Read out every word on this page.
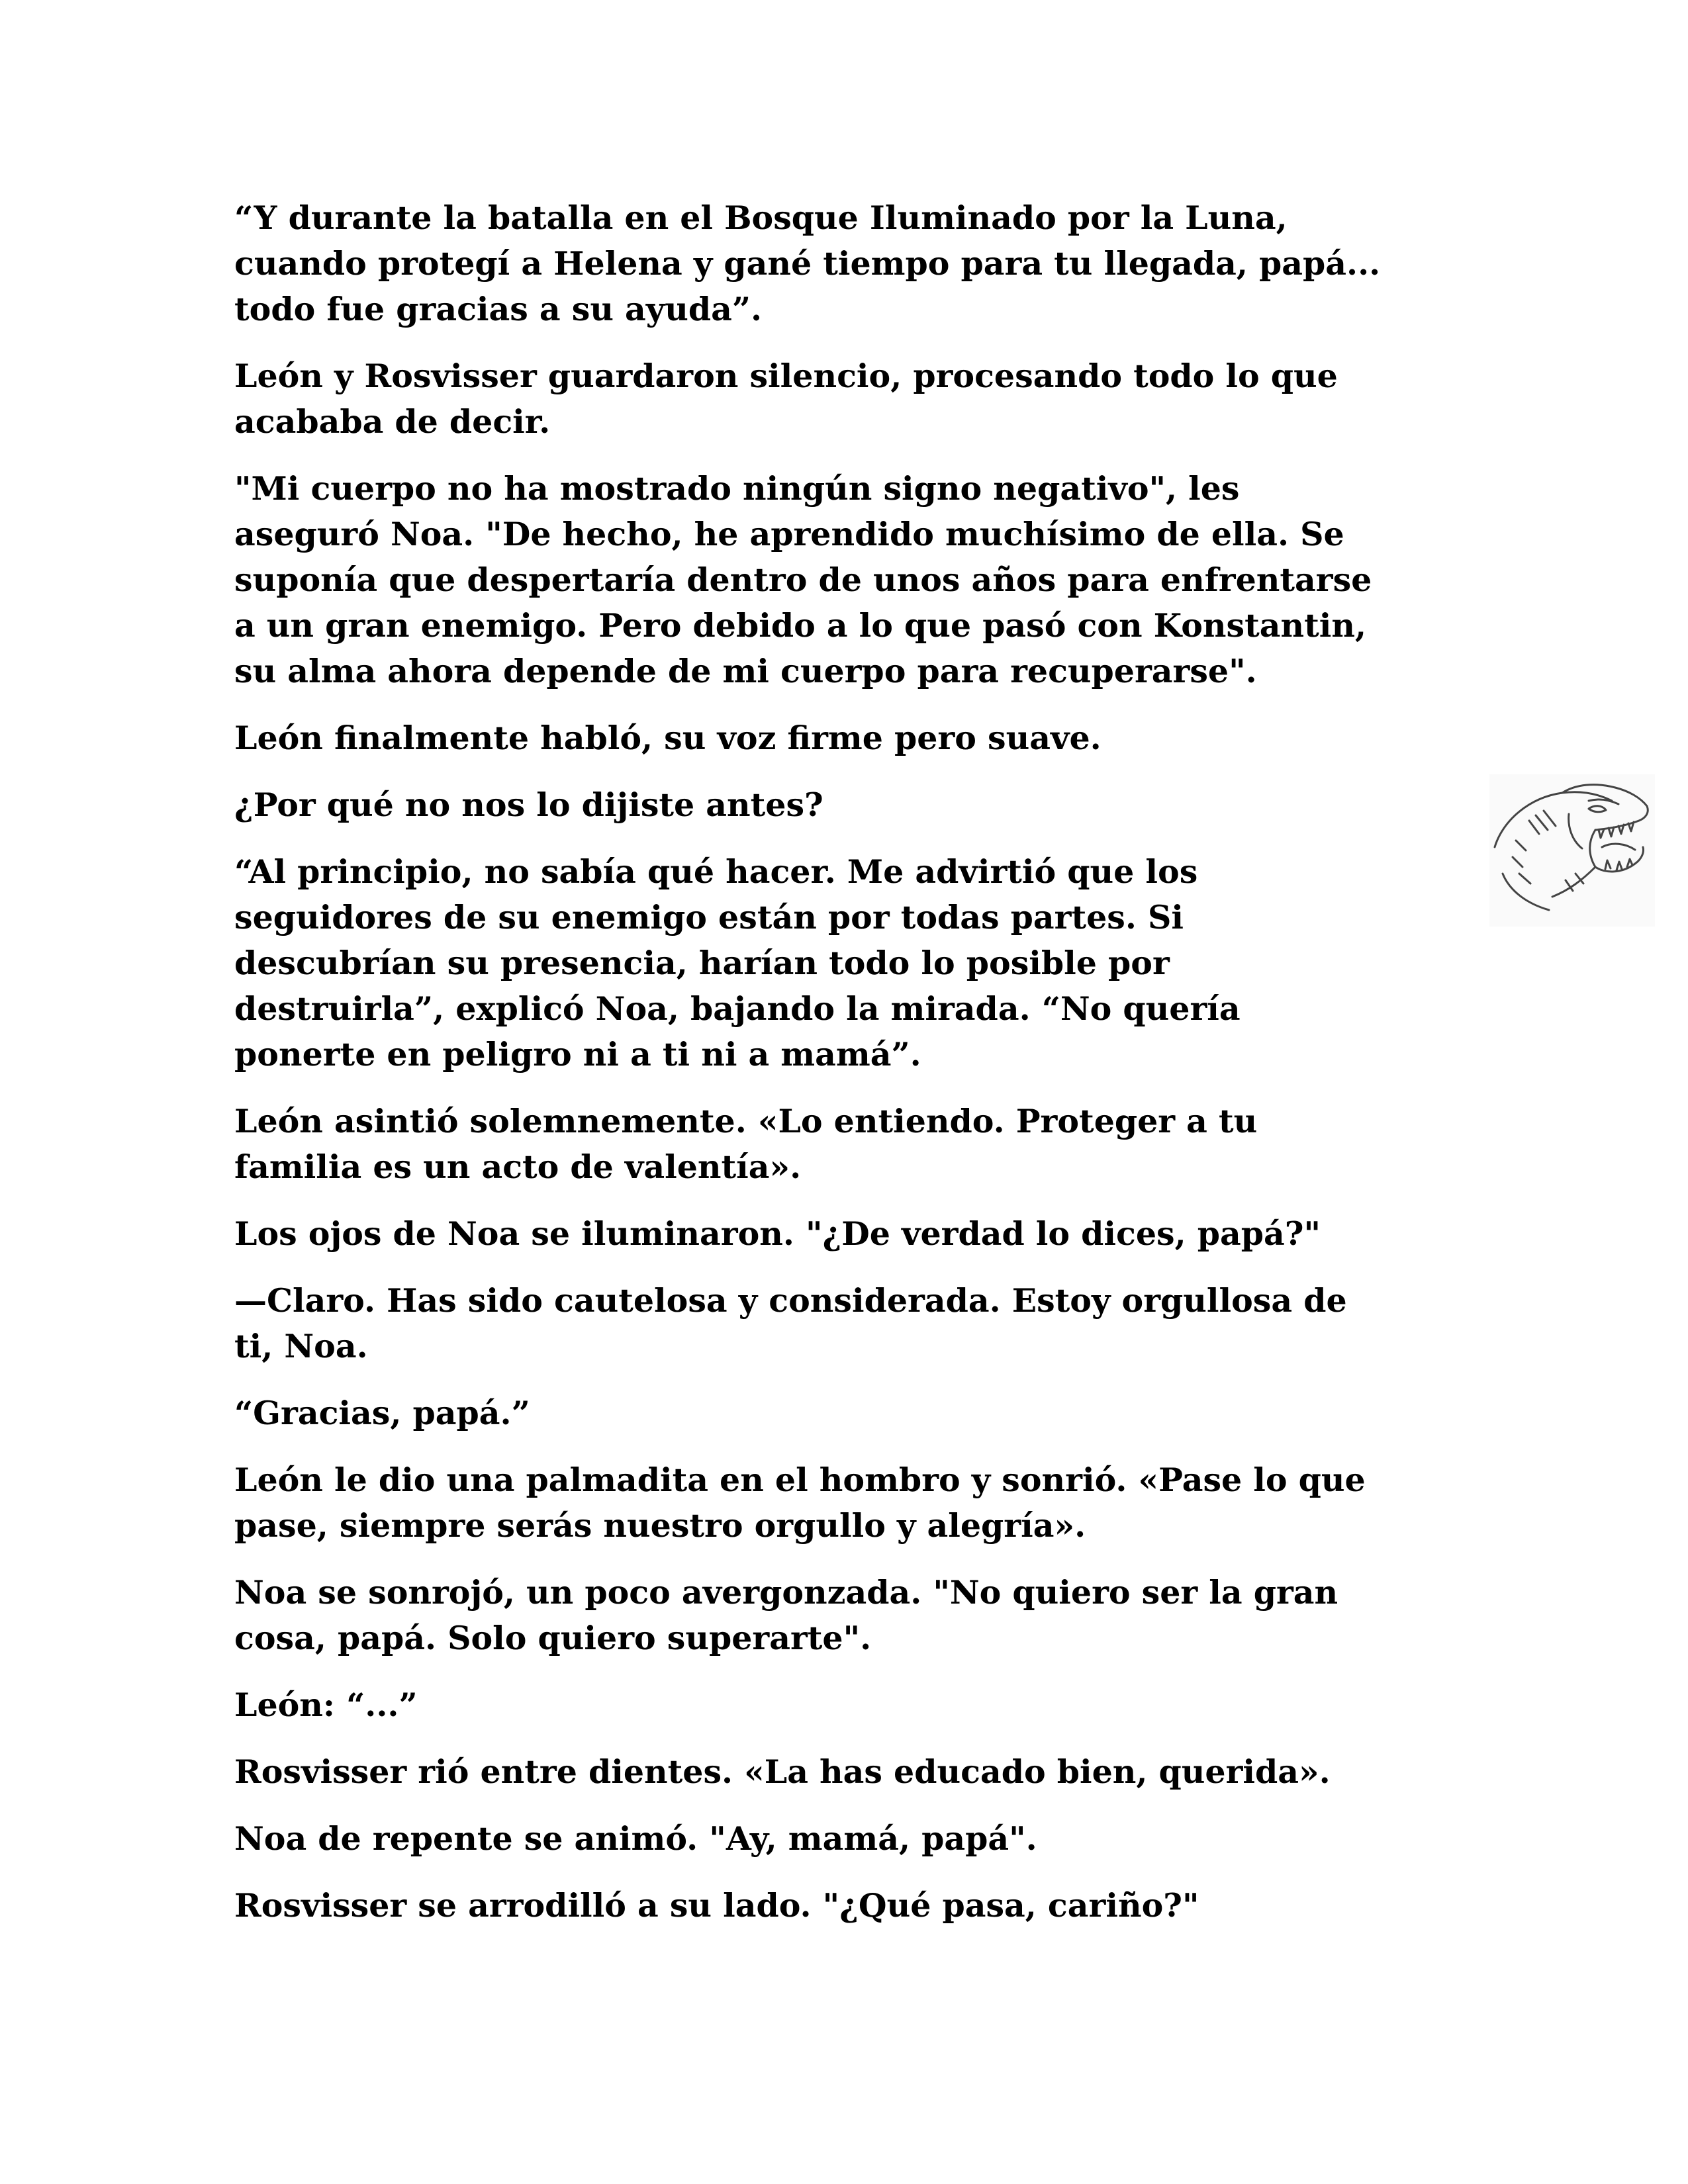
“Y durante la batalla en el Bosque Iluminado por la Luna,
cuando protegí a Helena y gané tiempo para tu llegada, papá...
todo fue gracias a su ayuda”.

León y Rosvisser guardaron silencio, procesando todo lo que
acababa de decir.

"Mi cuerpo no ha mostrado ningún signo negativo", les
aseguró Noa. "De hecho, he aprendido muchísimo de ella. Se
suponía que despertaría dentro de unos años para enfrentarse
a un gran enemigo. Pero debido a lo que pasó con Konstantin,
su alma ahora depende de mi cuerpo para recuperarse".

León finalmente habló, su voz firme pero suave.

¿Por qué no nos lo dijiste antes?

“Al principio, no sabía qué hacer. Me advirtió que los
seguidores de su enemigo están por todas partes. Si
descubrían su presencia, harían todo lo posible por
destruirla”, explicó Noa, bajando la mirada. “No quería
ponerte en peligro ni a ti ni a mamá”.

León asintió solemnemente. «Lo entiendo. Proteger a tu
familia es un acto de valentía».

Los ojos de Noa se iluminaron. "¿De verdad lo dices, papá?"

—Claro. Has sido cautelosa y considerada. Estoy orgullosa de
ti, Noa.

“Gracias, papá.”

León le dio una palmadita en el hombro y sonrió. «Pase lo que
pase, siempre serás nuestro orgullo y alegría».

Noa se sonrojó, un poco avergonzada. "No quiero ser la gran
cosa, papá. Solo quiero superarte".

León: “...”

Rosvisser rió entre dientes. «La has educado bien, querida».

Noa de repente se animó. "Ay, mamá, papá".

Rosvisser se arrodilló a su lado. "¿Qué pasa, cariño?"
